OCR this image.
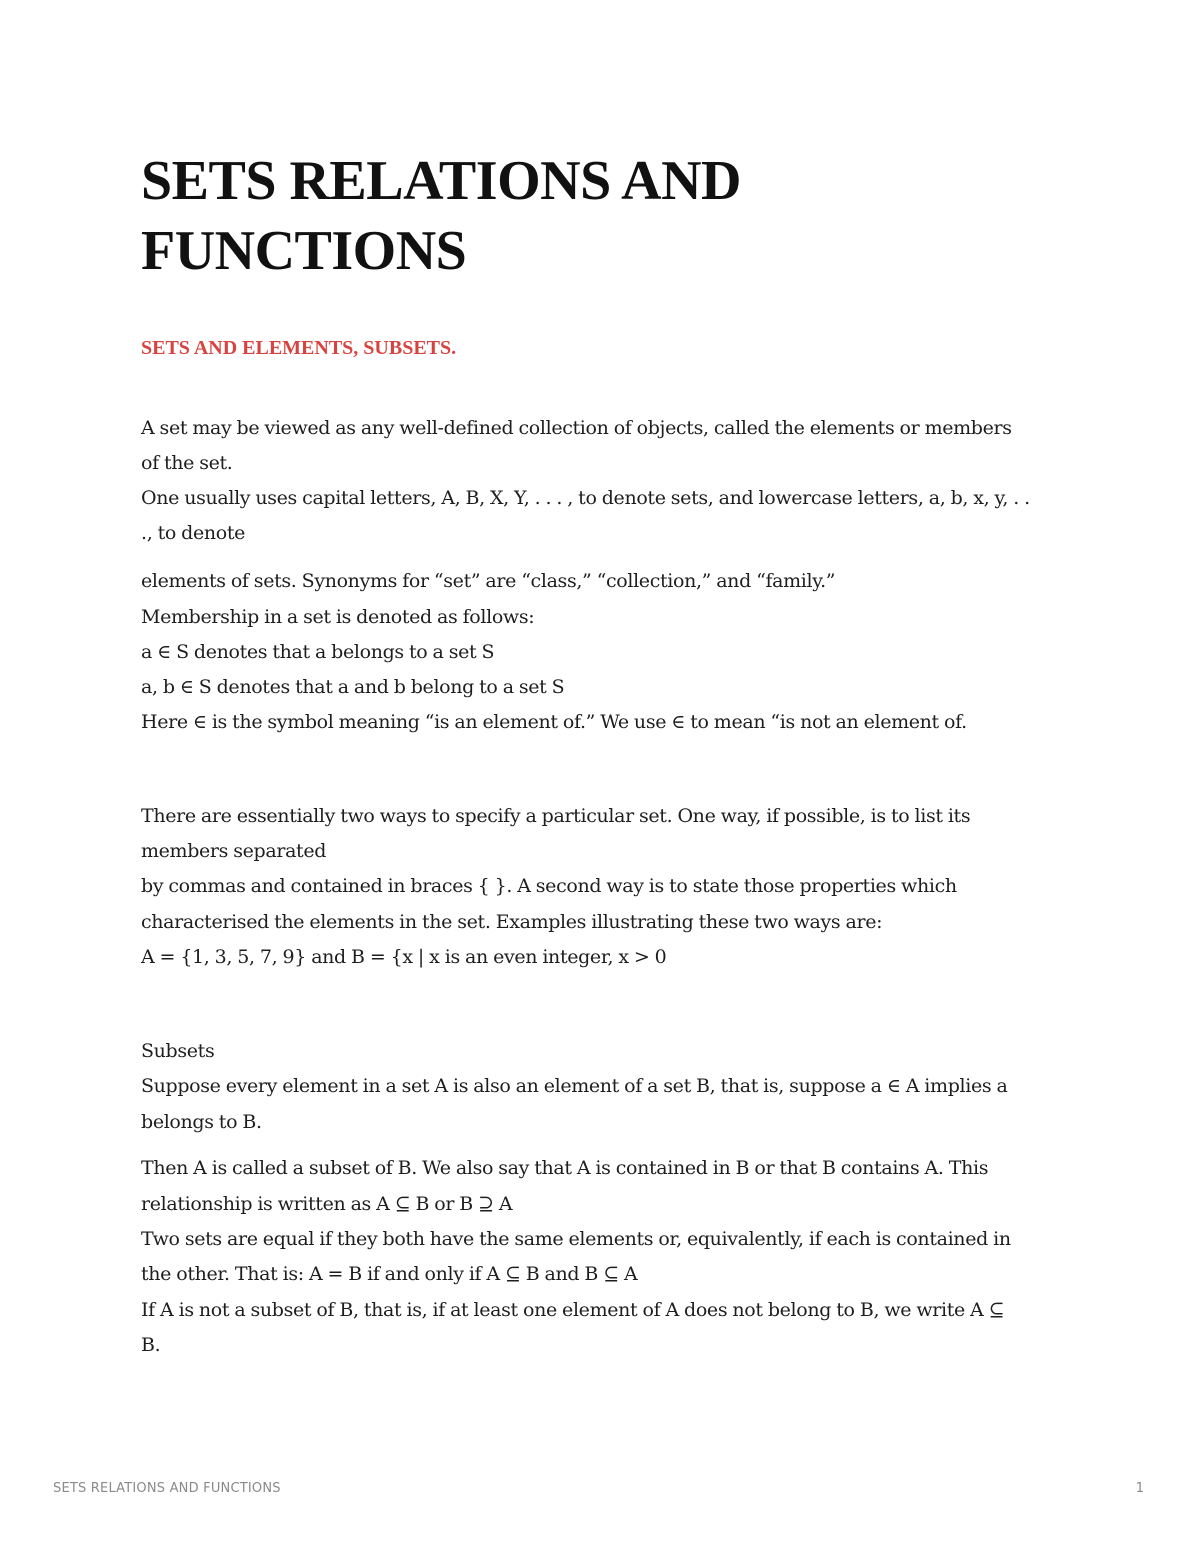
SETS RELATIONS AND
FUNCTIONS
SETS AND ELEMENTS, SUBSETS.

A set may be viewed as any well-defined collection of objects, called the elements or members

of the set.

One usually uses capital letters, A, B, X, Y, . . . , to denote sets, and lowercase letters, a, b, x, y, . .

., to denote

elements of sets. Synonyms for “set” are “class,” “collection,” and “family.”

Membership in a set is denoted as follows:

a ∈ S denotes that a belongs to a set S

a, b ∈ S denotes that a and b belong to a set S

Here ∈ is the symbol meaning “is an element of.” We use ∈ to mean “is not an element of.

There are essentially two ways to specify a particular set. One way, if possible, is to list its

members separated

by commas and contained in braces { }. A second way is to state those properties which

characterised the elements in the set. Examples illustrating these two ways are:

A = {1, 3, 5, 7, 9} and B = {x | x is an even integer, x > 0

Subsets

Suppose every element in a set A is also an element of a set B, that is, suppose a ∈ A implies a

belongs to B.

Then A is called a subset of B. We also say that A is contained in B or that B contains A. This

relationship is written as A ⊆ B or B ⊇ A

Two sets are equal if they both have the same elements or, equivalently, if each is contained in

the other. That is: A = B if and only if A ⊆ B and B ⊆ A

If A is not a subset of B, that is, if at least one element of A does not belong to B, we write A ⊆

B.

SETS RELATIONS AND FUNCTIONS	1
